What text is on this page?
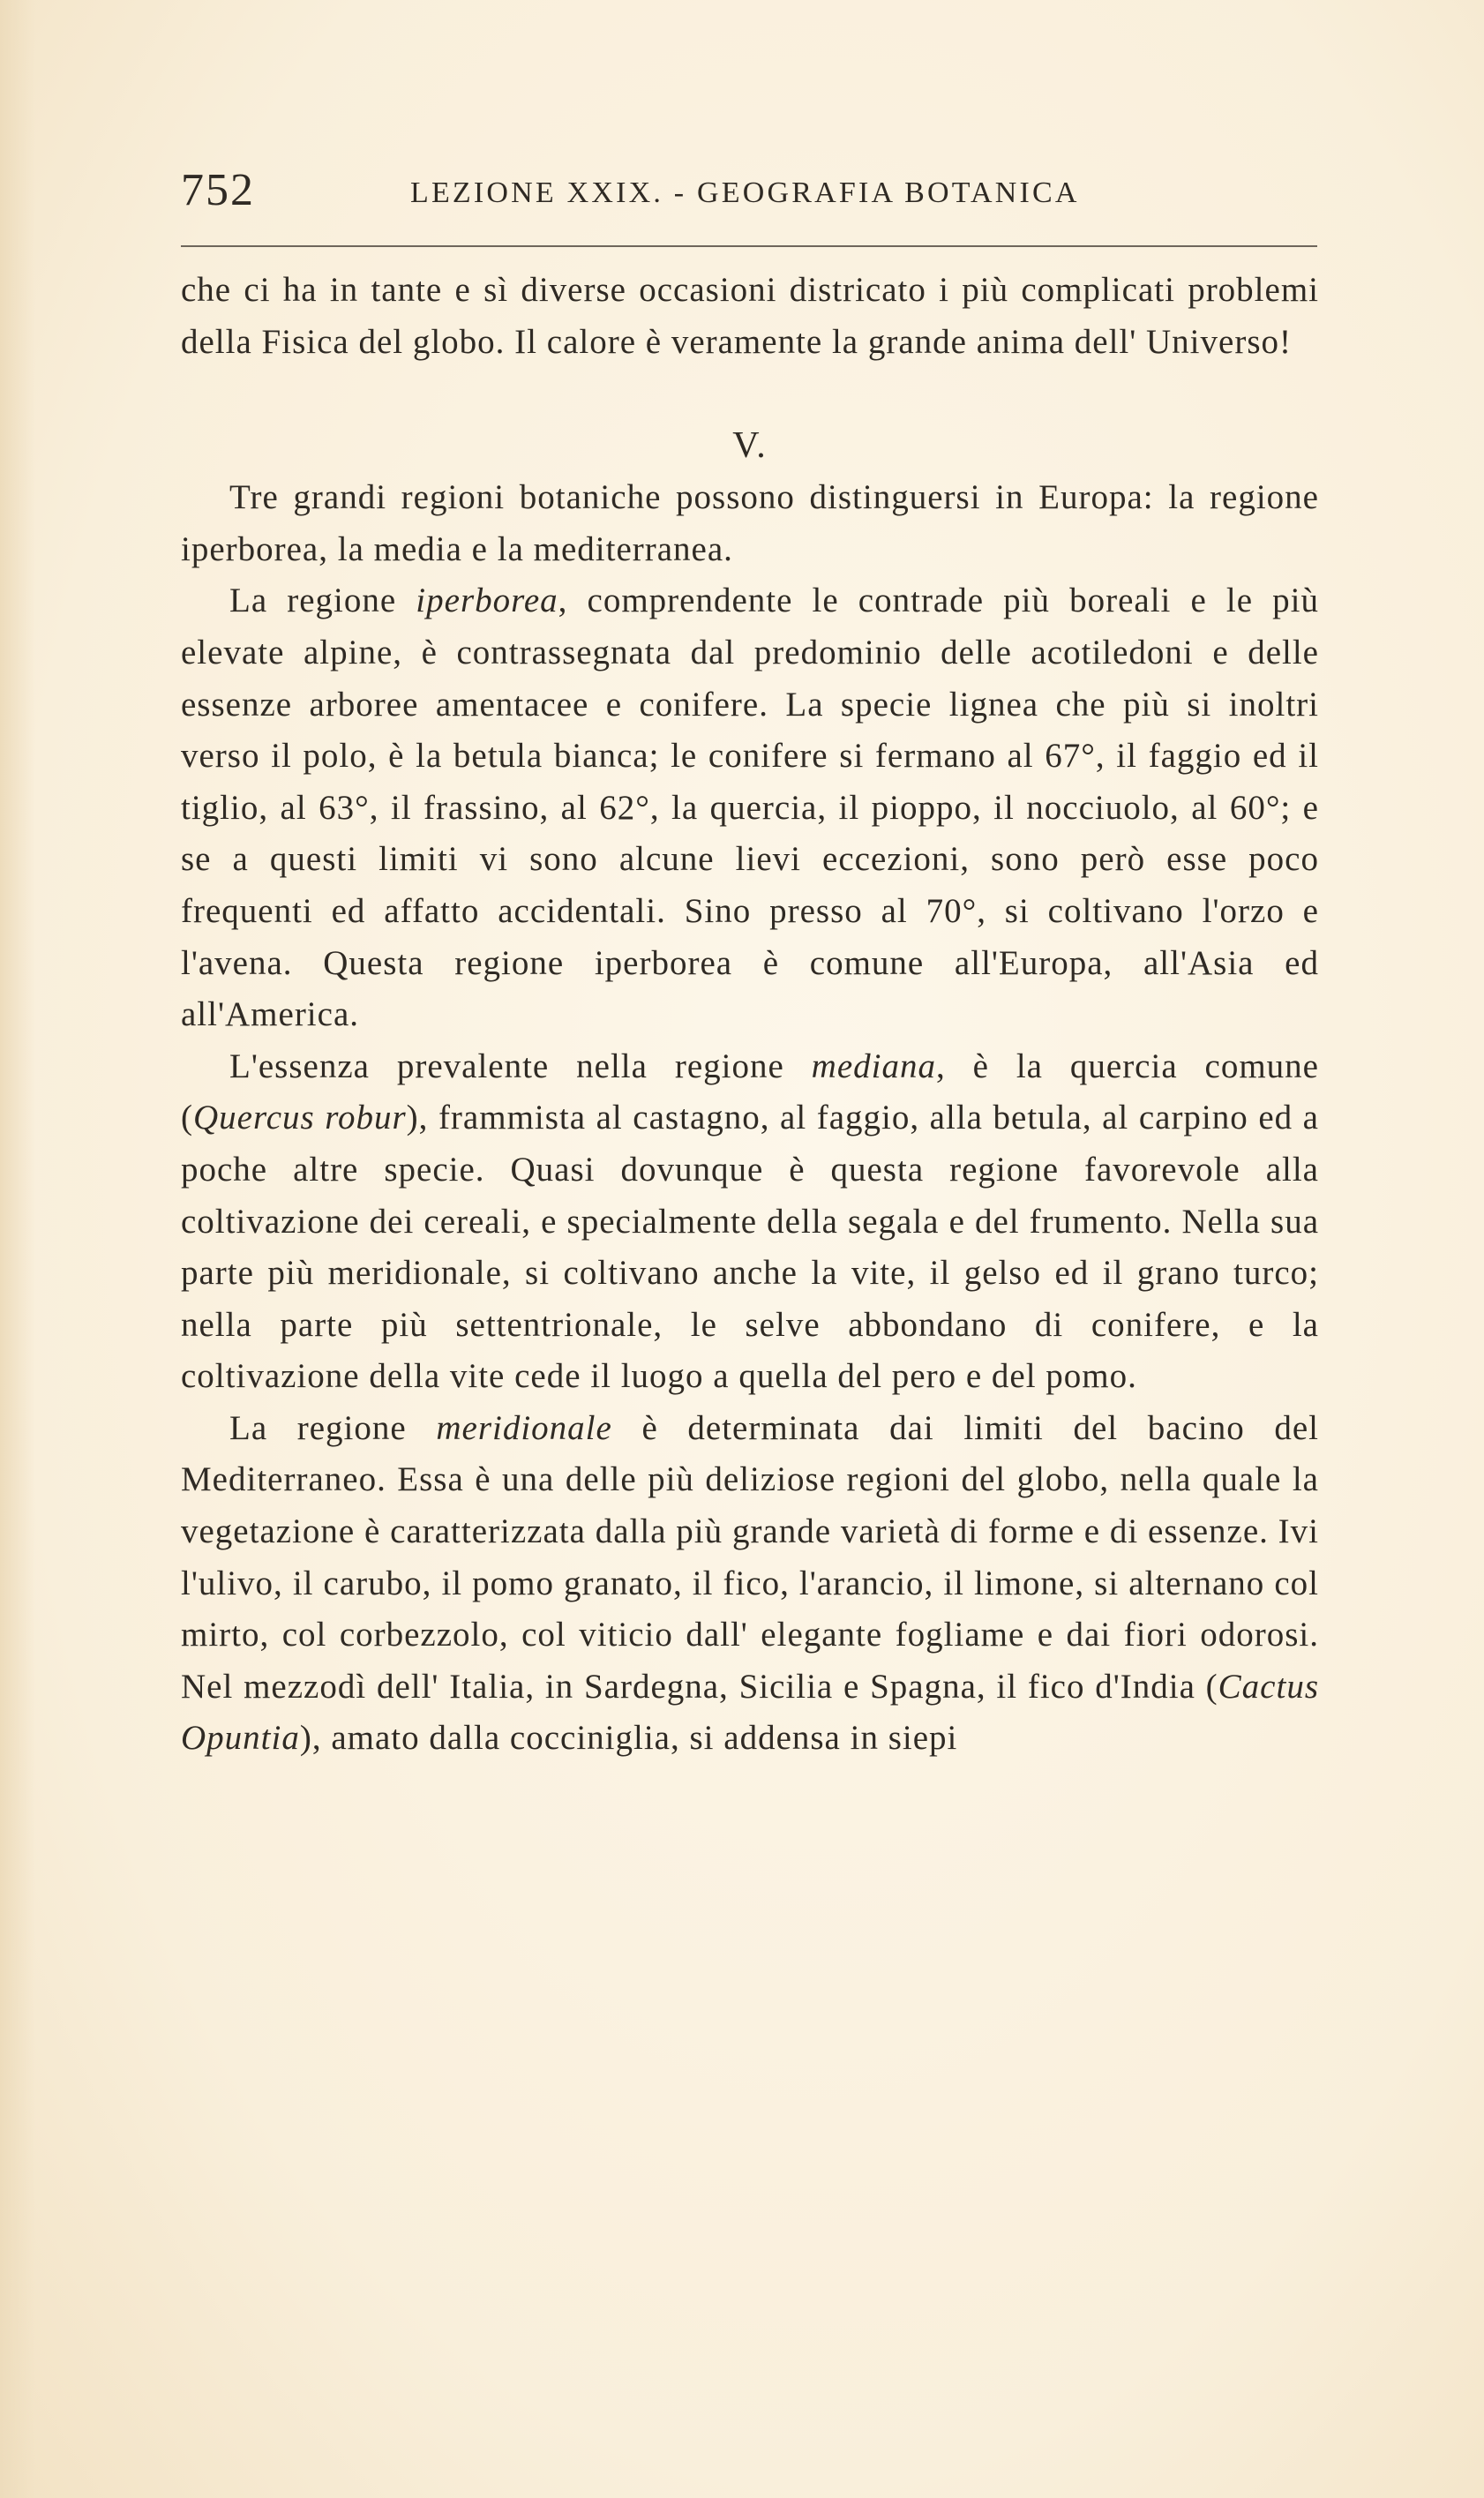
752	LEZIONE XXIX. - GEOGRAFIA BOTANICA

che ci ha in tante e sì diverse occasioni districato i più complicati problemi della Fisica del globo. Il calore è veramente la grande anima dell' Universo!

V.

Tre grandi regioni botaniche possono distinguersi in Europa: la regione iperborea, la media e la mediterranea.

La regione iperborea, comprendente le contrade più boreali e le più elevate alpine, è contrassegnata dal predominio delle acotiledoni e delle essenze arboree amentacee e conifere. La specie lignea che più si inoltri verso il polo, è la betula bianca; le conifere si fermano al 67°, il faggio ed il tiglio, al 63°, il frassino, al 62°, la quercia, il pioppo, il nocciuolo, al 60°; e se a questi limiti vi sono alcune lievi eccezioni, sono però esse poco frequenti ed affatto accidentali. Sino presso al 70°, si coltivano l'orzo e l'avena. Questa regione iperborea è comune all'Europa, all'Asia ed all'America.

L'essenza prevalente nella regione mediana, è la quercia comune (Quercus robur), frammista al castagno, al faggio, alla betula, al carpino ed a poche altre specie. Quasi dovunque è questa regione favorevole alla coltivazione dei cereali, e specialmente della segala e del frumento. Nella sua parte più meridionale, si coltivano anche la vite, il gelso ed il grano turco; nella parte più settentrionale, le selve abbondano di conifere, e la coltivazione della vite cede il luogo a quella del pero e del pomo.

La regione meridionale è determinata dai limiti del bacino del Mediterraneo. Essa è una delle più deliziose regioni del globo, nella quale la vegetazione è caratterizzata dalla più grande varietà di forme e di essenze. Ivi l'ulivo, il carubo, il pomo granato, il fico, l'arancio, il limone, si alternano col mirto, col corbezzolo, col viticio dall' elegante fogliame e dai fiori odorosi. Nel mezzodì dell' Italia, in Sardegna, Sicilia e Spagna, il fico d'India (Cactus Opuntia), amato dalla cocciniglia, si addensa in siepi
